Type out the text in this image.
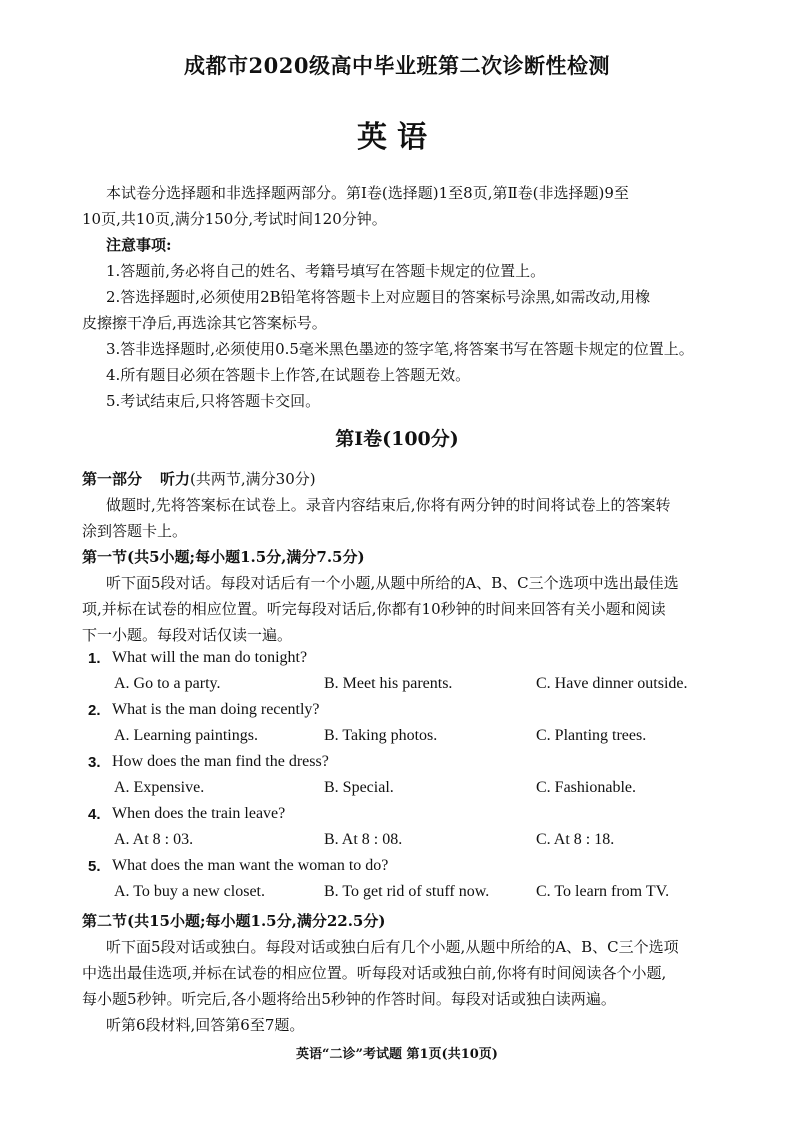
成都市2020级高中毕业班第二次诊断性检测
英语
本试卷分选择题和非选择题两部分。第Ⅰ卷(选择题)1至8页,第Ⅱ卷(非选择题)9至
10页,共10页,满分150分,考试时间120分钟。
注意事项:
1.答题前,务必将自己的姓名、考籍号填写在答题卡规定的位置上。
2.答选择题时,必须使用2B铅笔将答题卡上对应题目的答案标号涂黑,如需改动,用橡
皮擦擦干净后,再选涂其它答案标号。
3.答非选择题时,必须使用0.5毫米黑色墨迹的签字笔,将答案书写在答题卡规定的位置上。
4.所有题目必须在答题卡上作答,在试题卷上答题无效。
5.考试结束后,只将答题卡交回。
第Ⅰ卷(100分)
第一部分 听力(共两节,满分30分)
做题时,先将答案标在试卷上。录音内容结束后,你将有两分钟的时间将试卷上的答案转
涂到答题卡上。
第一节(共5小题;每小题1.5分,满分7.5分)
听下面5段对话。每段对话后有一个小题,从题中所给的A、B、C三个选项中选出最佳选
项,并标在试卷的相应位置。听完每段对话后,你都有10秒钟的时间来回答有关小题和阅读
下一小题。每段对话仅读一遍。
1. What will the man do tonight?
A. Go to a party.	B. Meet his parents.	C. Have dinner outside.
2. What is the man doing recently?
A. Learning paintings.	B. Taking photos.	C. Planting trees.
3. How does the man find the dress?
A. Expensive.	B. Special.	C. Fashionable.
4. When does the train leave?
A. At 8 : 03.	B. At 8 : 08.	C. At 8 : 18.
5. What does the man want the woman to do?
A. To buy a new closet.	B. To get rid of stuff now.	C. To learn from TV.
第二节(共15小题;每小题1.5分,满分22.5分)
听下面5段对话或独白。每段对话或独白后有几个小题,从题中所给的A、B、C三个选项
中选出最佳选项,并标在试卷的相应位置。听每段对话或独白前,你将有时间阅读各个小题,
每小题5秒钟。听完后,各小题将给出5秒钟的作答时间。每段对话或独白读两遍。
听第6段材料,回答第6至7题。
英语“二诊”考试题 第1页(共10页)
